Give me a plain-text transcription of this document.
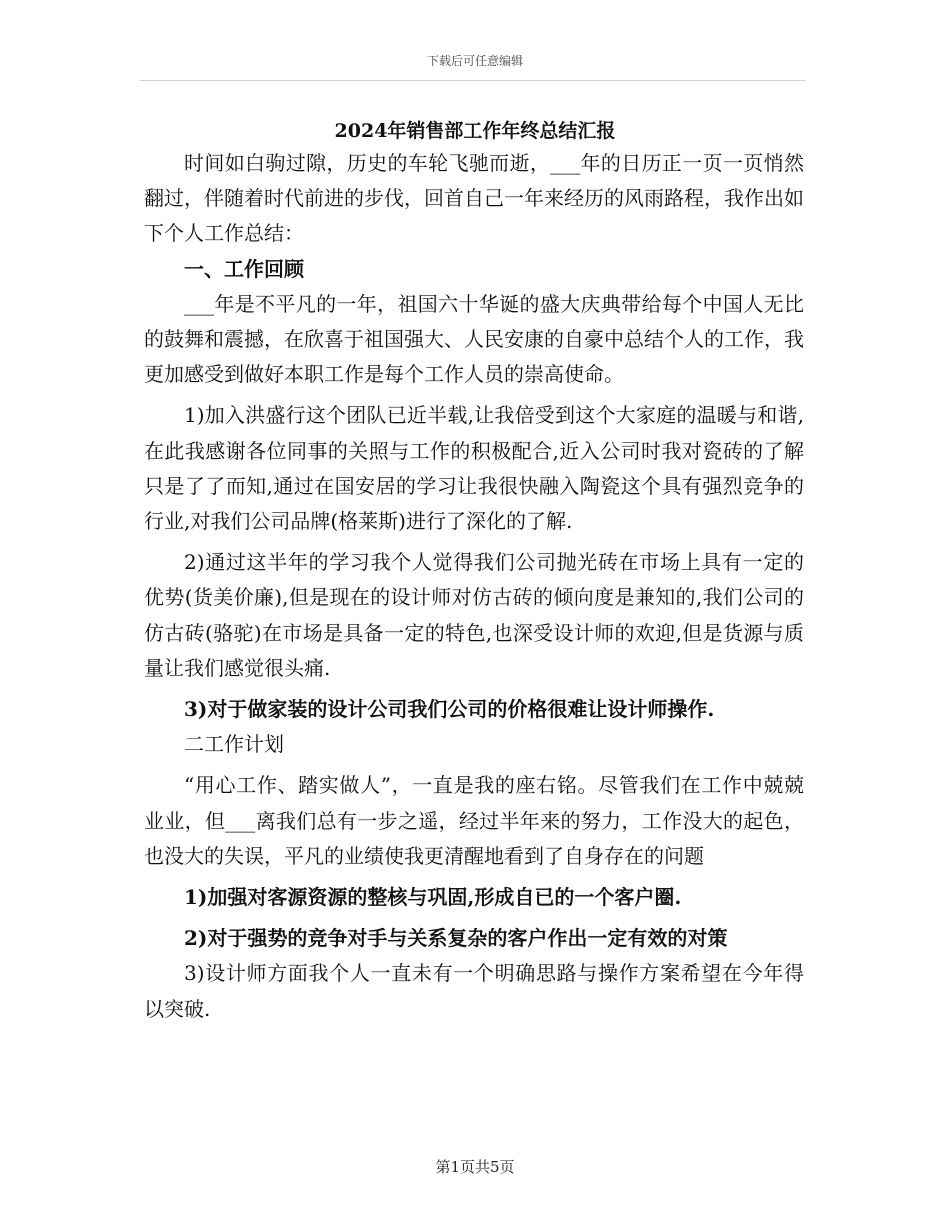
下载后可任意编辑
2024年销售部工作年终总结汇报

时间如白驹过隙，历史的车轮飞驰而逝，___年的日历正一页一页悄然翻过，伴随着时代前进的步伐，回首自己一年来经历的风雨路程，我作出如下个人工作总结：

一、工作回顾

___年是不平凡的一年，祖国六十华诞的盛大庆典带给每个中国人无比的鼓舞和震撼，在欣喜于祖国强大、人民安康的自豪中总结个人的工作，我更加感受到做好本职工作是每个工作人员的崇高使命。

1)加入洪盛行这个团队已近半载,让我倍受到这个大家庭的温暖与和谐,在此我感谢各位同事的关照与工作的积极配合,近入公司时我对瓷砖的了解只是了了而知,通过在国安居的学习让我很快融入陶瓷这个具有强烈竞争的行业,对我们公司品牌(格莱斯)进行了深化的了解.

2)通过这半年的学习我个人觉得我们公司抛光砖在市场上具有一定的优势(货美价廉),但是现在的设计师对仿古砖的倾向度是兼知的,我们公司的仿古砖(骆驼)在市场是具备一定的特色,也深受设计师的欢迎,但是货源与质量让我们感觉很头痛.

3)对于做家装的设计公司我们公司的价格很难让设计师操作.

二工作计划

“用心工作、踏实做人”，一直是我的座右铭。尽管我们在工作中兢兢业业，但___离我们总有一步之遥，经过半年来的努力，工作没大的起色，也没大的失误，平凡的业绩使我更清醒地看到了自身存在的问题

1)加强对客源资源的整核与巩固,形成自已的一个客户圈.

2)对于强势的竞争对手与关系复杂的客户作出一定有效的对策

3)设计师方面我个人一直未有一个明确思路与操作方案希望在今年得以突破.

第1页共5页
